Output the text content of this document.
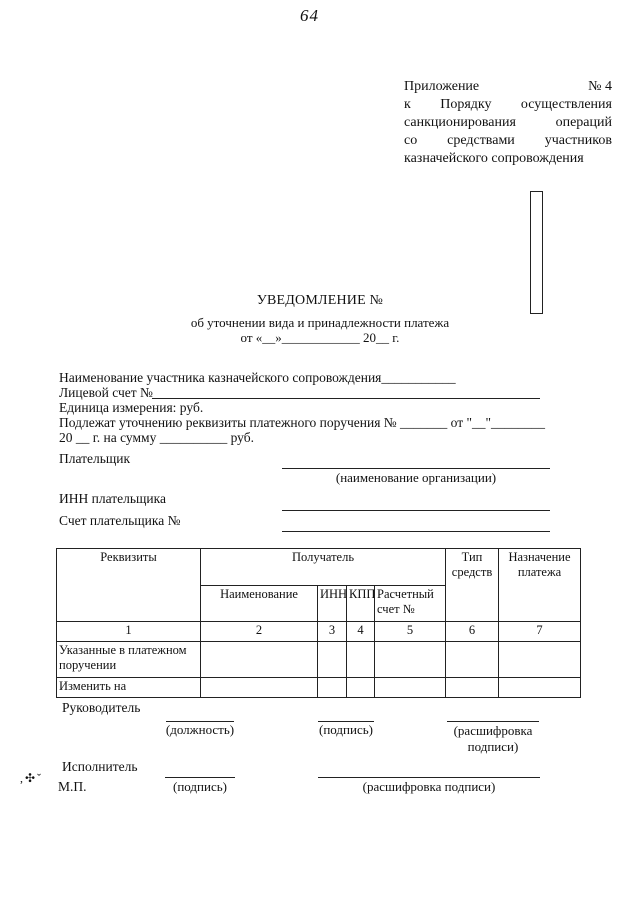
64
Приложение	№ 4
к Порядку осуществления
санкционирования	операций
со средствами участников
казначейского сопровождения
УВЕДОМЛЕНИЕ №
об уточнении вида и принадлежности платежа
от «__»____________ 20__ г.
Наименование участника казначейского сопровождения___________
Лицевой счет №
Единица измерения: руб.
Подлежат уточнению реквизиты платежного поручения № _______ от "__"________
20 __ г. на сумму __________ руб.
Плательщик
(наименование организации)
ИНН плательщика
Счет плательщика №
Реквизиты	Получатель				Тип средств	Назначение платежа
	Наименование	ИНН	КПП	Расчетный счет №		
1	2	3	4	5	6	7
Указанные в платежном поручении						
Изменить на						
Руководитель
(должность)	(подпись)	(расшифровка подписи)
Исполнитель
,✣ˇ
М.П.	(подпись)	(расшифровка подписи)
